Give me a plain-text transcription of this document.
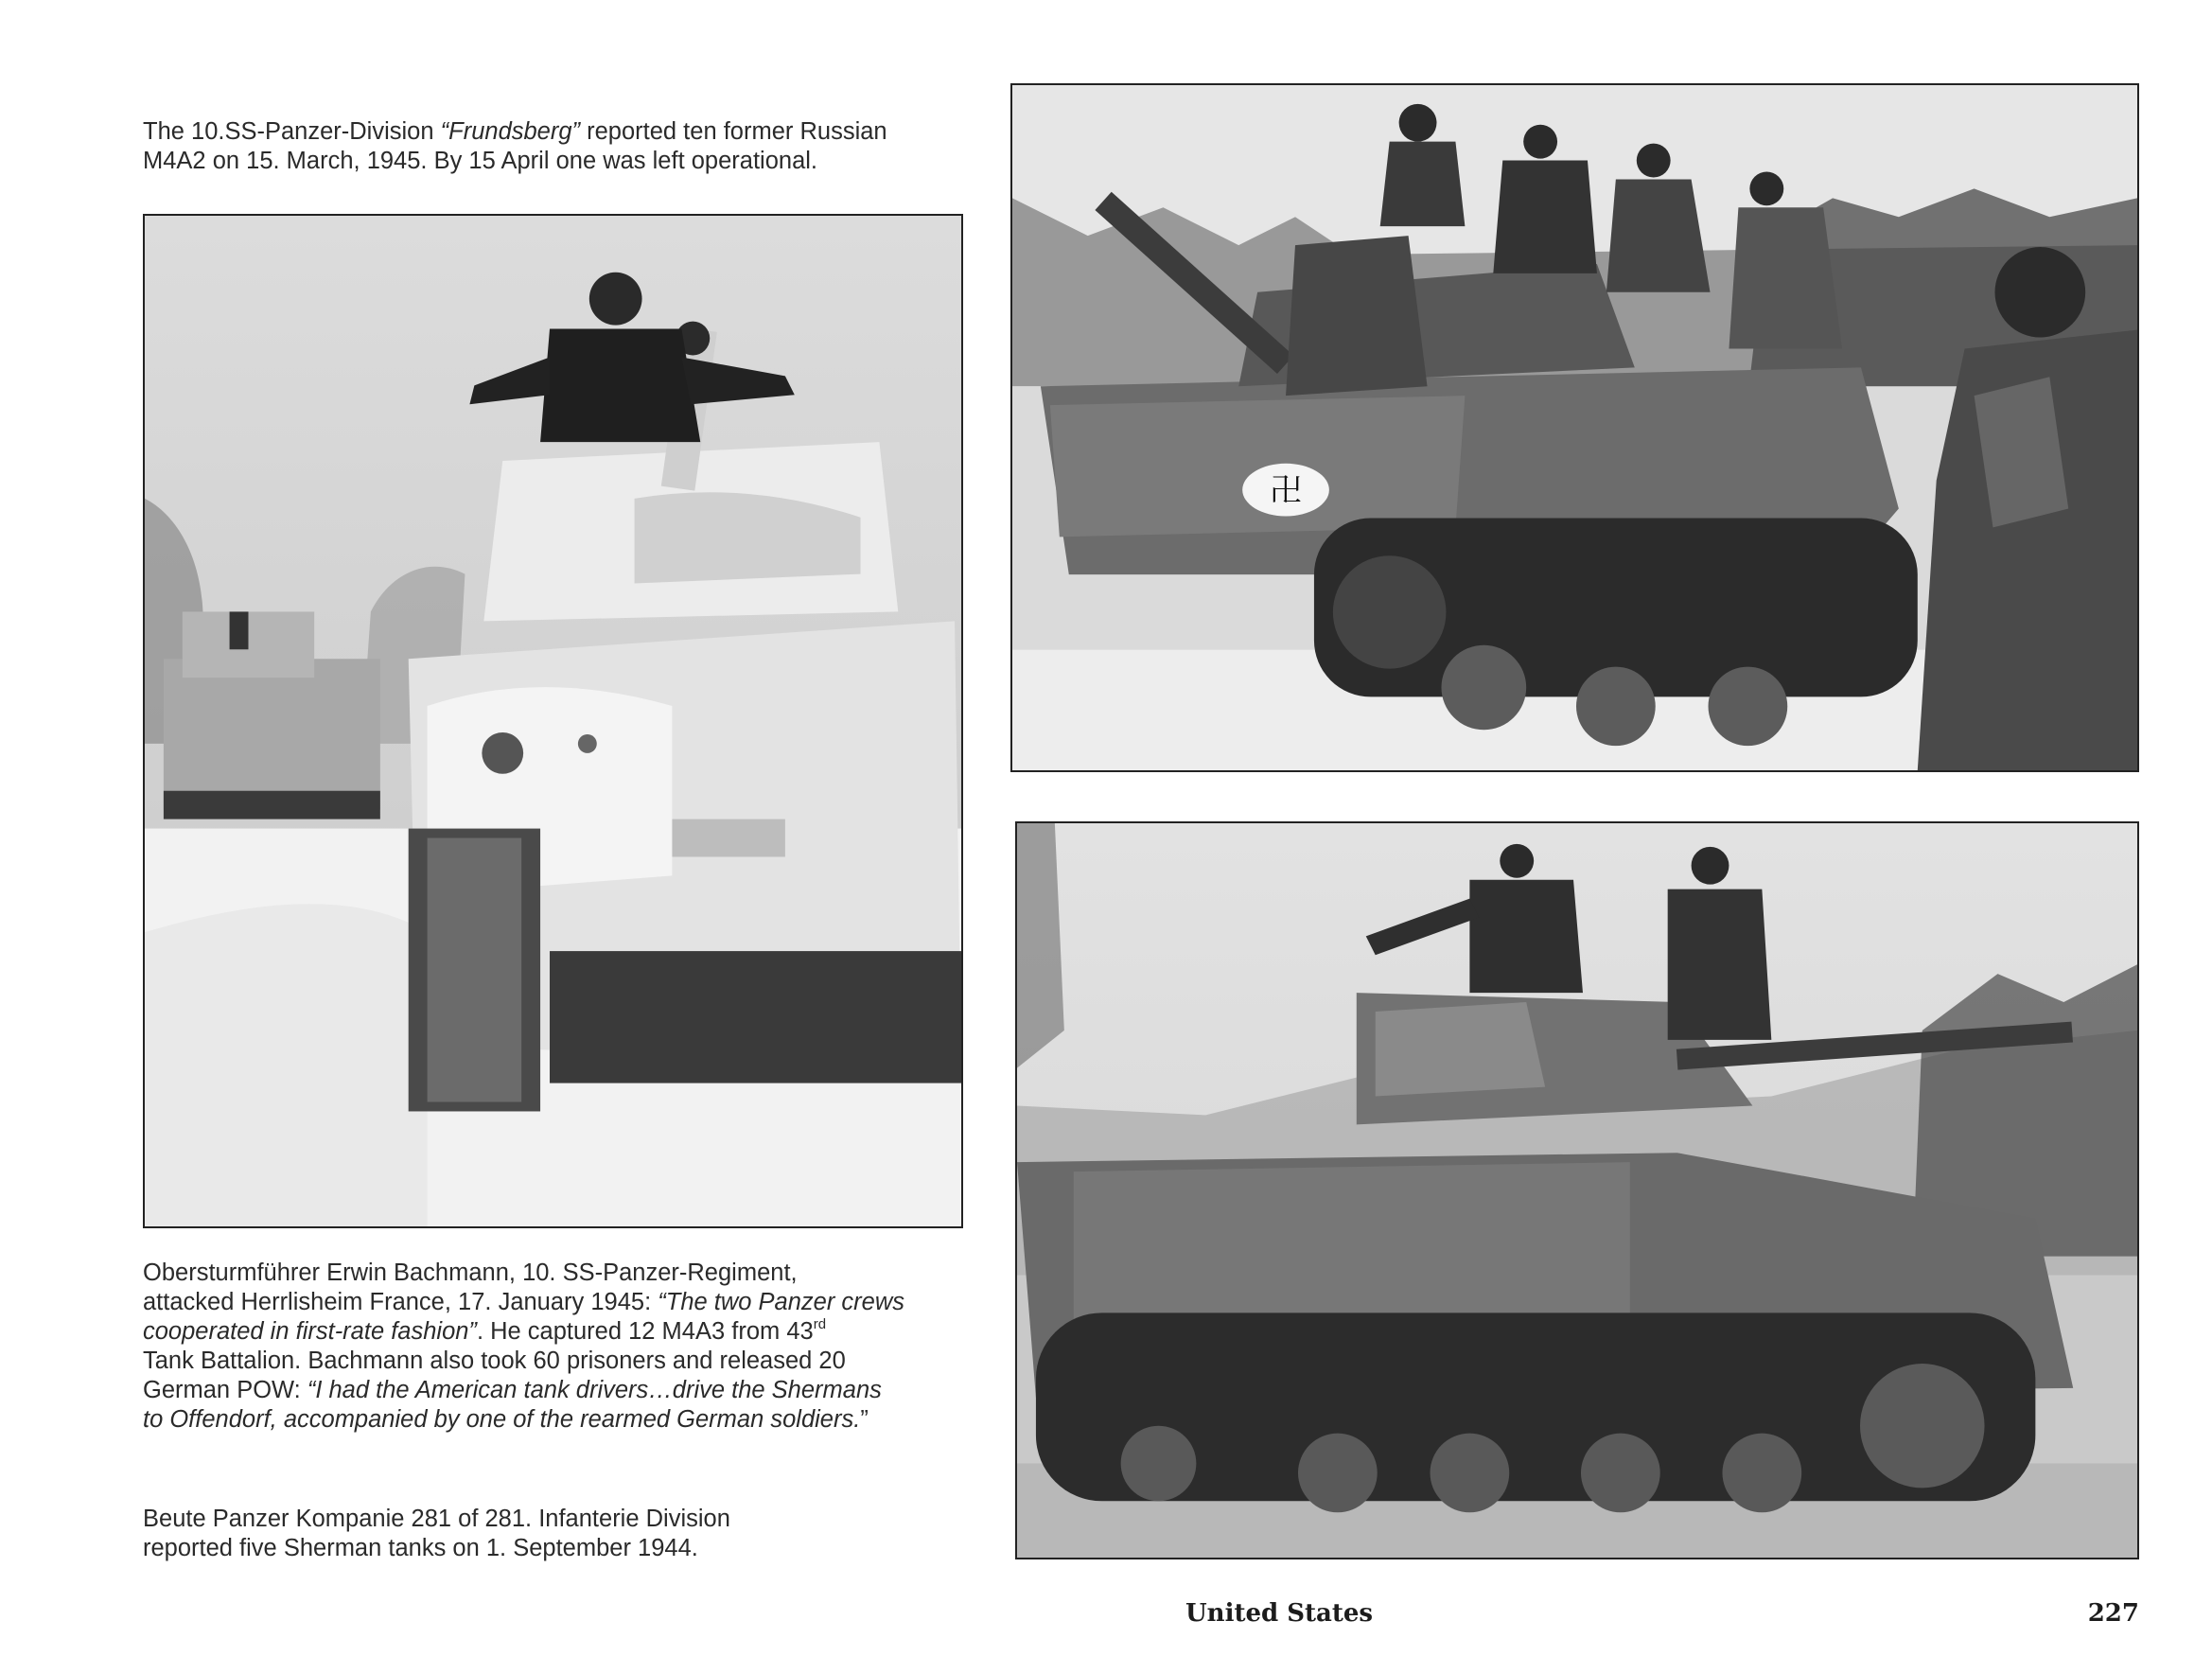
The 10.SS-Panzer-Division “Frundsberg” reported ten former Russian
M4A2 on 15. March, 1945. By 15 April one was left operational.
Obersturmführer Erwin Bachmann, 10. SS-Panzer-Regiment,
attacked Herrlisheim France, 17. January 1945: “The two Panzer crews
cooperated in first-rate fashion”. He captured 12 M4A3 from 43rd
Tank Battalion. Bachmann also took 60 prisoners and released 20
German POW: “I had the American tank drivers…drive the Shermans
to Offendorf, accompanied by one of the rearmed German soldiers.”
Beute Panzer Kompanie 281 of 281. Infanterie Division
reported five Sherman tanks on 1. September 1944.
卍
United States	227
